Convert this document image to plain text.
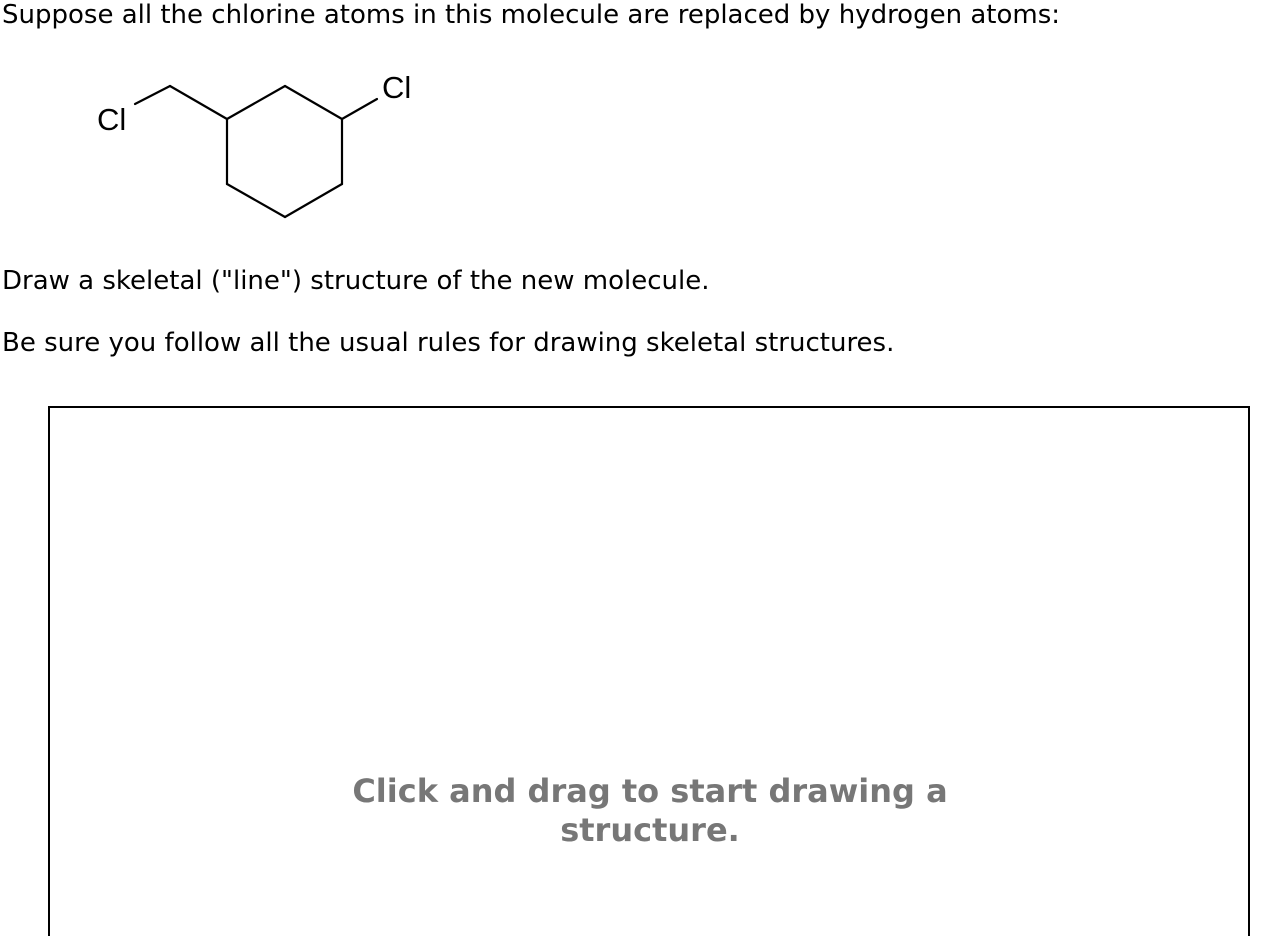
Suppose all the chlorine atoms in this molecule are replaced by hydrogen atoms:

Cl
Cl

Draw a skeletal ("line") structure of the new molecule.

Be sure you follow all the usual rules for drawing skeletal structures.

Click and drag to start drawing a structure.
